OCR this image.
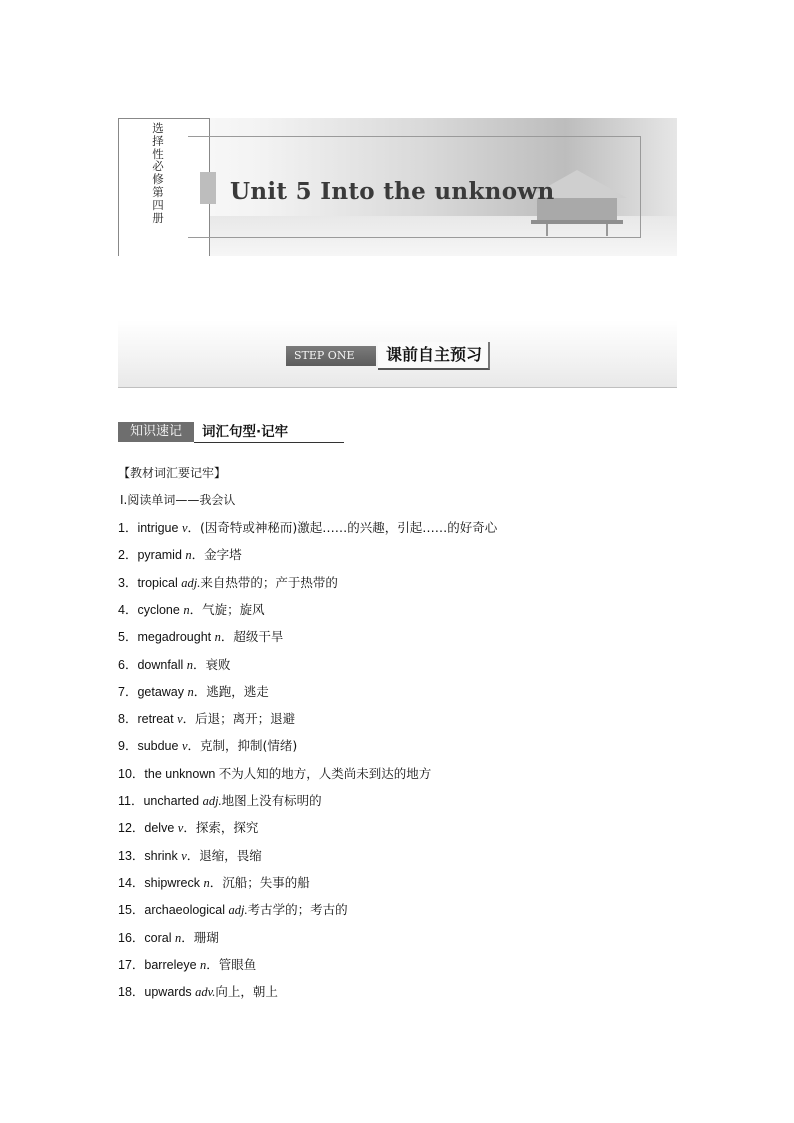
选择性必修第四册
Unit 5 Into the unknown
STEP ONE	课前自主预习
知识速记	词汇句型·记牢
【教材词汇要记牢】
Ⅰ.阅读单词——我会认
1．intrigue v．(因奇特或神秘而)激起……的兴趣，引起……的好奇心
2．pyramid n．金字塔
3．tropical adj.来自热带的；产于热带的
4．cyclone n．气旋；旋风
5．megadrought n．超级干旱
6．downfall n．衰败
7．getaway n．逃跑，逃走
8．retreat v．后退；离开；退避
9．subdue v．克制，抑制(情绪)
10．the unknown 不为人知的地方，人类尚未到达的地方
11．uncharted adj.地图上没有标明的
12．delve v．探索，探究
13．shrink v．退缩，畏缩
14．shipwreck n．沉船；失事的船
15．archaeological adj.考古学的；考古的
16．coral n．珊瑚
17．barreleye n．管眼鱼
18．upwards adv.向上，朝上
